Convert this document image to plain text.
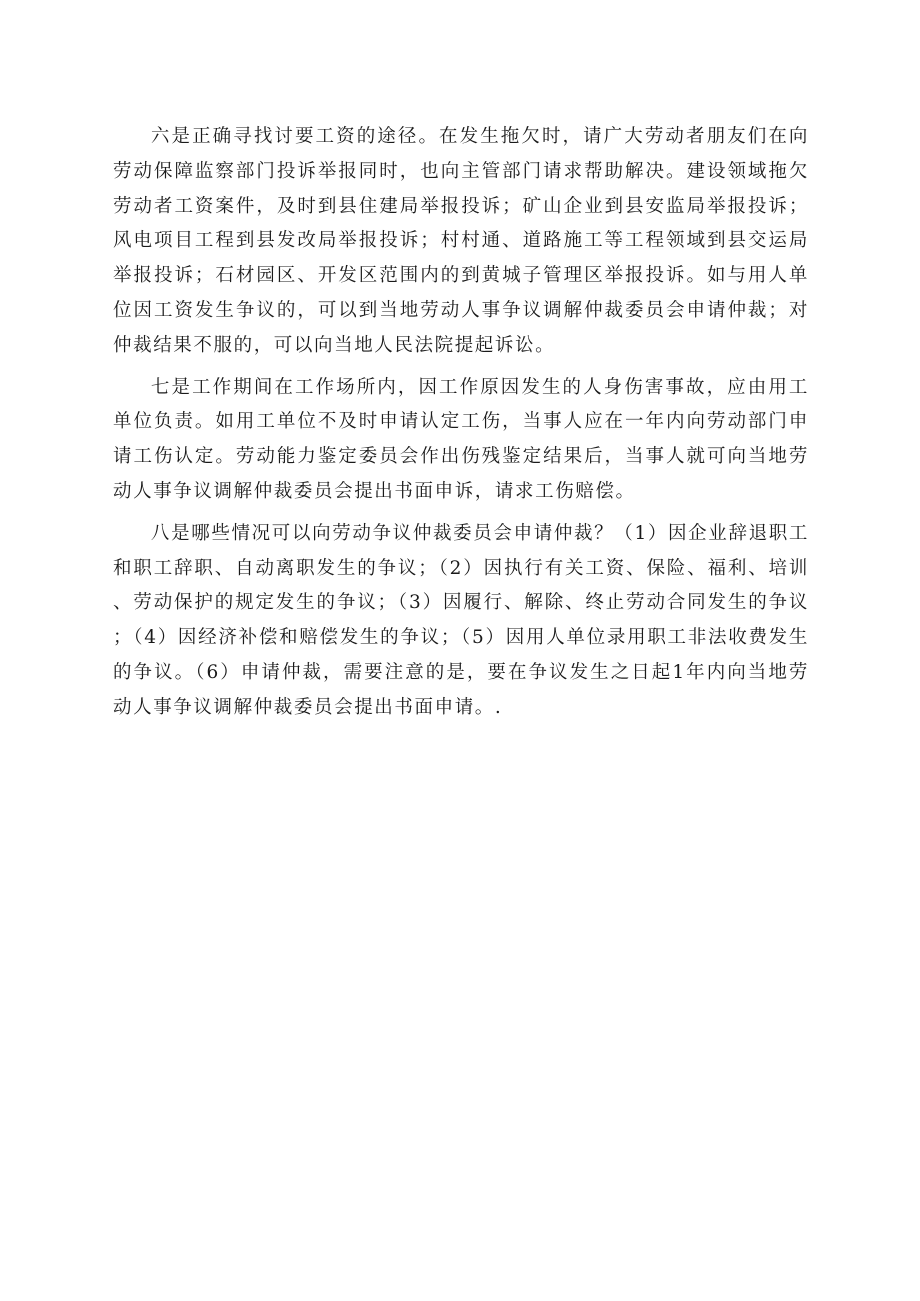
六是正确寻找讨要工资的途径。在发生拖欠时，请广大劳动者朋友们在向劳动保障监察部门投诉举报同时，也向主管部门请求帮助解决。建设领域拖欠劳动者工资案件，及时到县住建局举报投诉；矿山企业到县安监局举报投诉；风电项目工程到县发改局举报投诉；村村通、道路施工等工程领域到县交运局举报投诉；石材园区、开发区范围内的到黄城子管理区举报投诉。如与用人单位因工资发生争议的，可以到当地劳动人事争议调解仲裁委员会申请仲裁；对仲裁结果不服的，可以向当地人民法院提起诉讼。

七是工作期间在工作场所内，因工作原因发生的人身伤害事故，应由用工单位负责。如用工单位不及时申请认定工伤，当事人应在一年内向劳动部门申请工伤认定。劳动能力鉴定委员会作出伤残鉴定结果后，当事人就可向当地劳动人事争议调解仲裁委员会提出书面申诉，请求工伤赔偿。

八是哪些情况可以向劳动争议仲裁委员会申请仲裁？（1）因企业辞退职工和职工辞职、自动离职发生的争议；（2）因执行有关工资、保险、福利、培训、劳动保护的规定发生的争议；（3）因履行、解除、终止劳动合同发生的争议；（4）因经济补偿和赔偿发生的争议；（5）因用人单位录用职工非法收费发生的争议。（6）申请仲裁，需要注意的是，要在争议发生之日起1年内向当地劳动人事争议调解仲裁委员会提出书面申请。.
